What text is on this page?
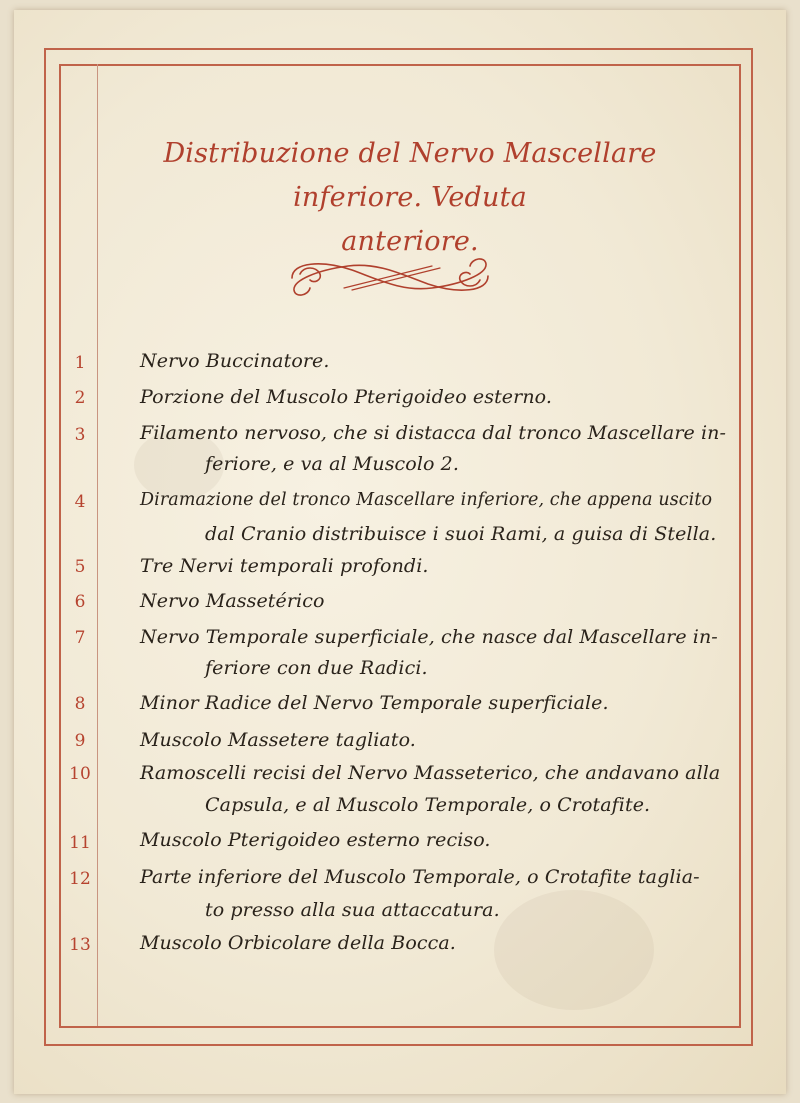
Distribuzione del Nervo Mascellare inferiore. Veduta
anteriore.
1	Nervo Buccinatore.
2	Porzione del Muscolo Pterigoideo esterno.
3	Filamento nervoso, che si distacca dal tronco Mascellare in-
feriore, e va al Muscolo 2.
4	Diramazione del tronco Mascellare inferiore, che appena uscito
dal Cranio distribuisce i suoi Rami, a guisa di Stella.
5	Tre Nervi temporali profondi.
6	Nervo Massetérico
7	Nervo Temporale superficiale, che nasce dal Mascellare in-
feriore con due Radici.
8	Minor Radice del Nervo Temporale superficiale.
9	Muscolo Massetere tagliato.
10	Ramoscelli recisi del Nervo Masseterico, che andavano alla
Capsula, e al Muscolo Temporale, o Crotafite.
11	Muscolo Pterigoideo esterno reciso.
12	Parte inferiore del Muscolo Temporale, o Crotafite taglia-
to presso alla sua attaccatura.
13	Muscolo Orbicolare della Bocca.
